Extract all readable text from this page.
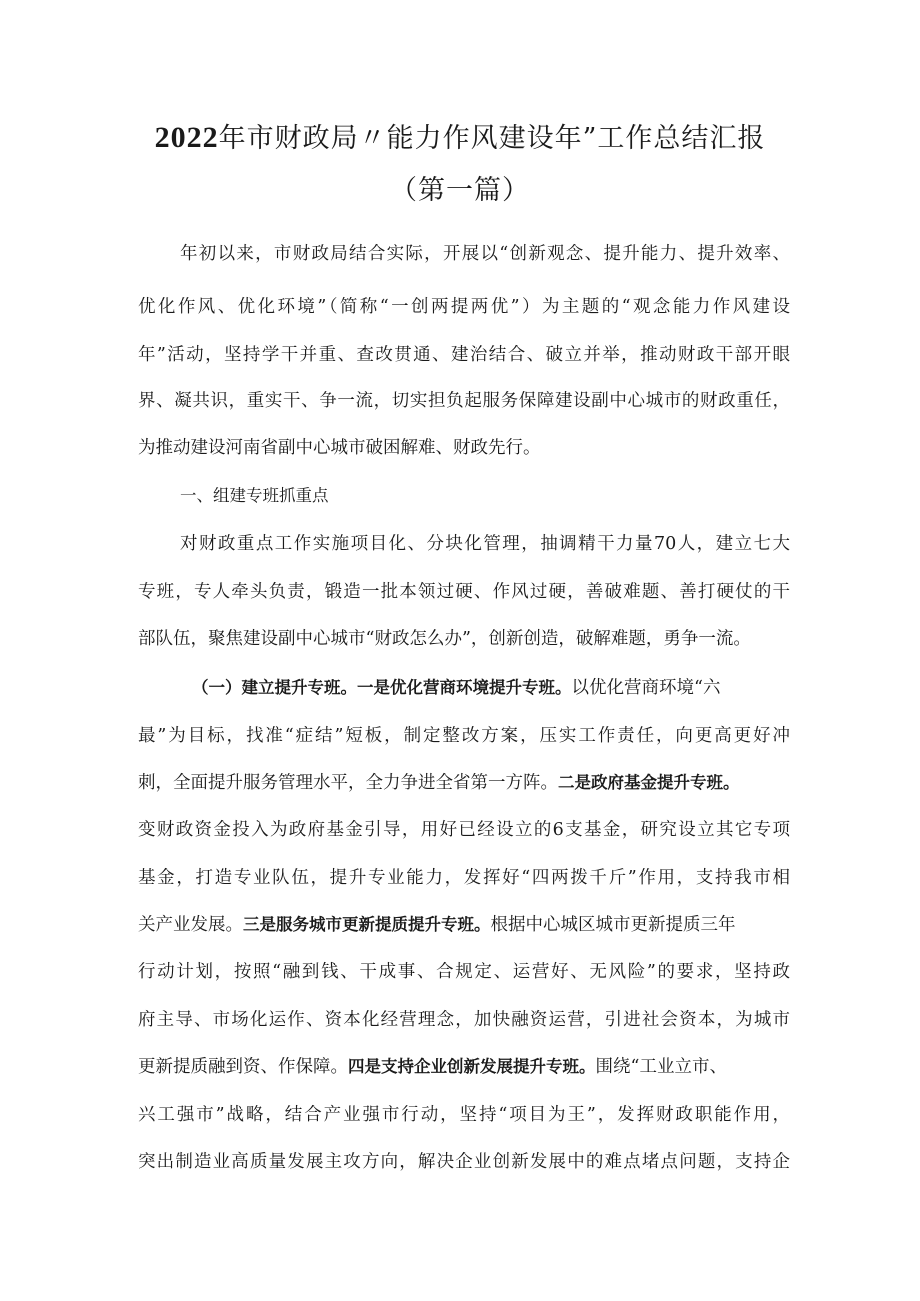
2022年市财政局〃能力作风建设年”工作总结汇报
（第一篇）
年初以来，市财政局结合实际，开展以“创新观念、提升能力、提升效率、
优化作风、优化环境”（简称“一创两提两优”）为主题的“观念能力作风建设
年”活动，坚持学干并重、查改贯通、建治结合、破立并举，推动财政干部开眼
界、凝共识，重实干、争一流，切实担负起服务保障建设副中心城市的财政重任，
为推动建设河南省副中心城市破困解难、财政先行。
一、组建专班抓重点
对财政重点工作实施项目化、分块化管理，抽调精干力量70人，建立七大
专班，专人牵头负责，锻造一批本领过硬、作风过硬，善破难题、善打硬仗的干
部队伍，聚焦建设副中心城市“财政怎么办”，创新创造，破解难题，勇争一流。
（一）建立提升专班。一是优化营商环境提升专班。以优化营商环境“六
最”为目标，找准“症结”短板，制定整改方案，压实工作责任，向更高更好冲
刺，全面提升服务管理水平，全力争进全省第一方阵。二是政府基金提升专班。
变财政资金投入为政府基金引导，用好已经设立的6支基金，研究设立其它专项
基金，打造专业队伍，提升专业能力，发挥好“四两拨千斤”作用，支持我市相
关产业发展。三是服务城市更新提质提升专班。根据中心城区城市更新提质三年
行动计划，按照“融到钱、干成事、合规定、运营好、无风险”的要求，坚持政
府主导、市场化运作、资本化经营理念，加快融资运营，引进社会资本，为城市
更新提质融到资、作保障。四是支持企业创新发展提升专班。围绕“工业立市、
兴工强市”战略，结合产业强市行动，坚持“项目为王”，发挥财政职能作用，
突出制造业高质量发展主攻方向，解决企业创新发展中的难点堵点问题，支持企
